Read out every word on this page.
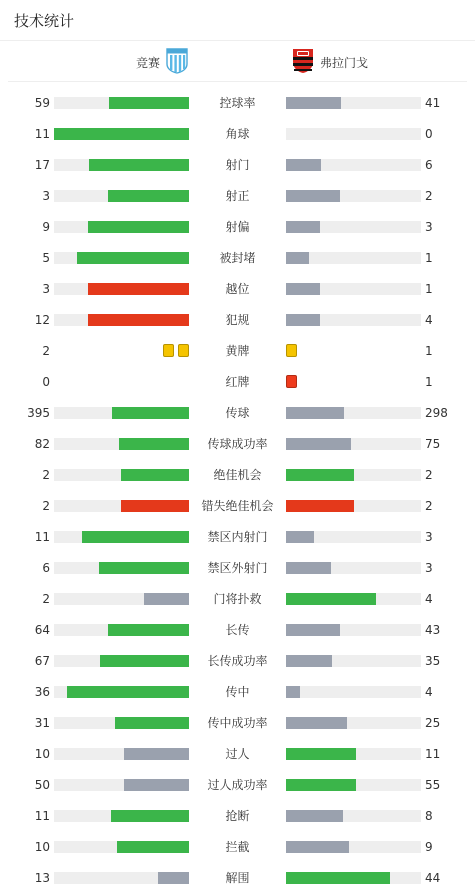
技术统计
竞赛	弗拉门戈
59	控球率	41
11	角球	0
17	射门	6
3	射正	2
9	射偏	3
5	被封堵	1
3	越位	1
12	犯规	4
2	黄牌	1
0	红牌	1
395	传球	298
82	传球成功率	75
2	绝佳机会	2
2	错失绝佳机会	2
11	禁区内射门	3
6	禁区外射门	3
2	门将扑救	4
64	长传	43
67	长传成功率	35
36	传中	4
31	传中成功率	25
10	过人	11
50	过人成功率	55
11	抢断	8
10	拦截	9
13	解围	44
